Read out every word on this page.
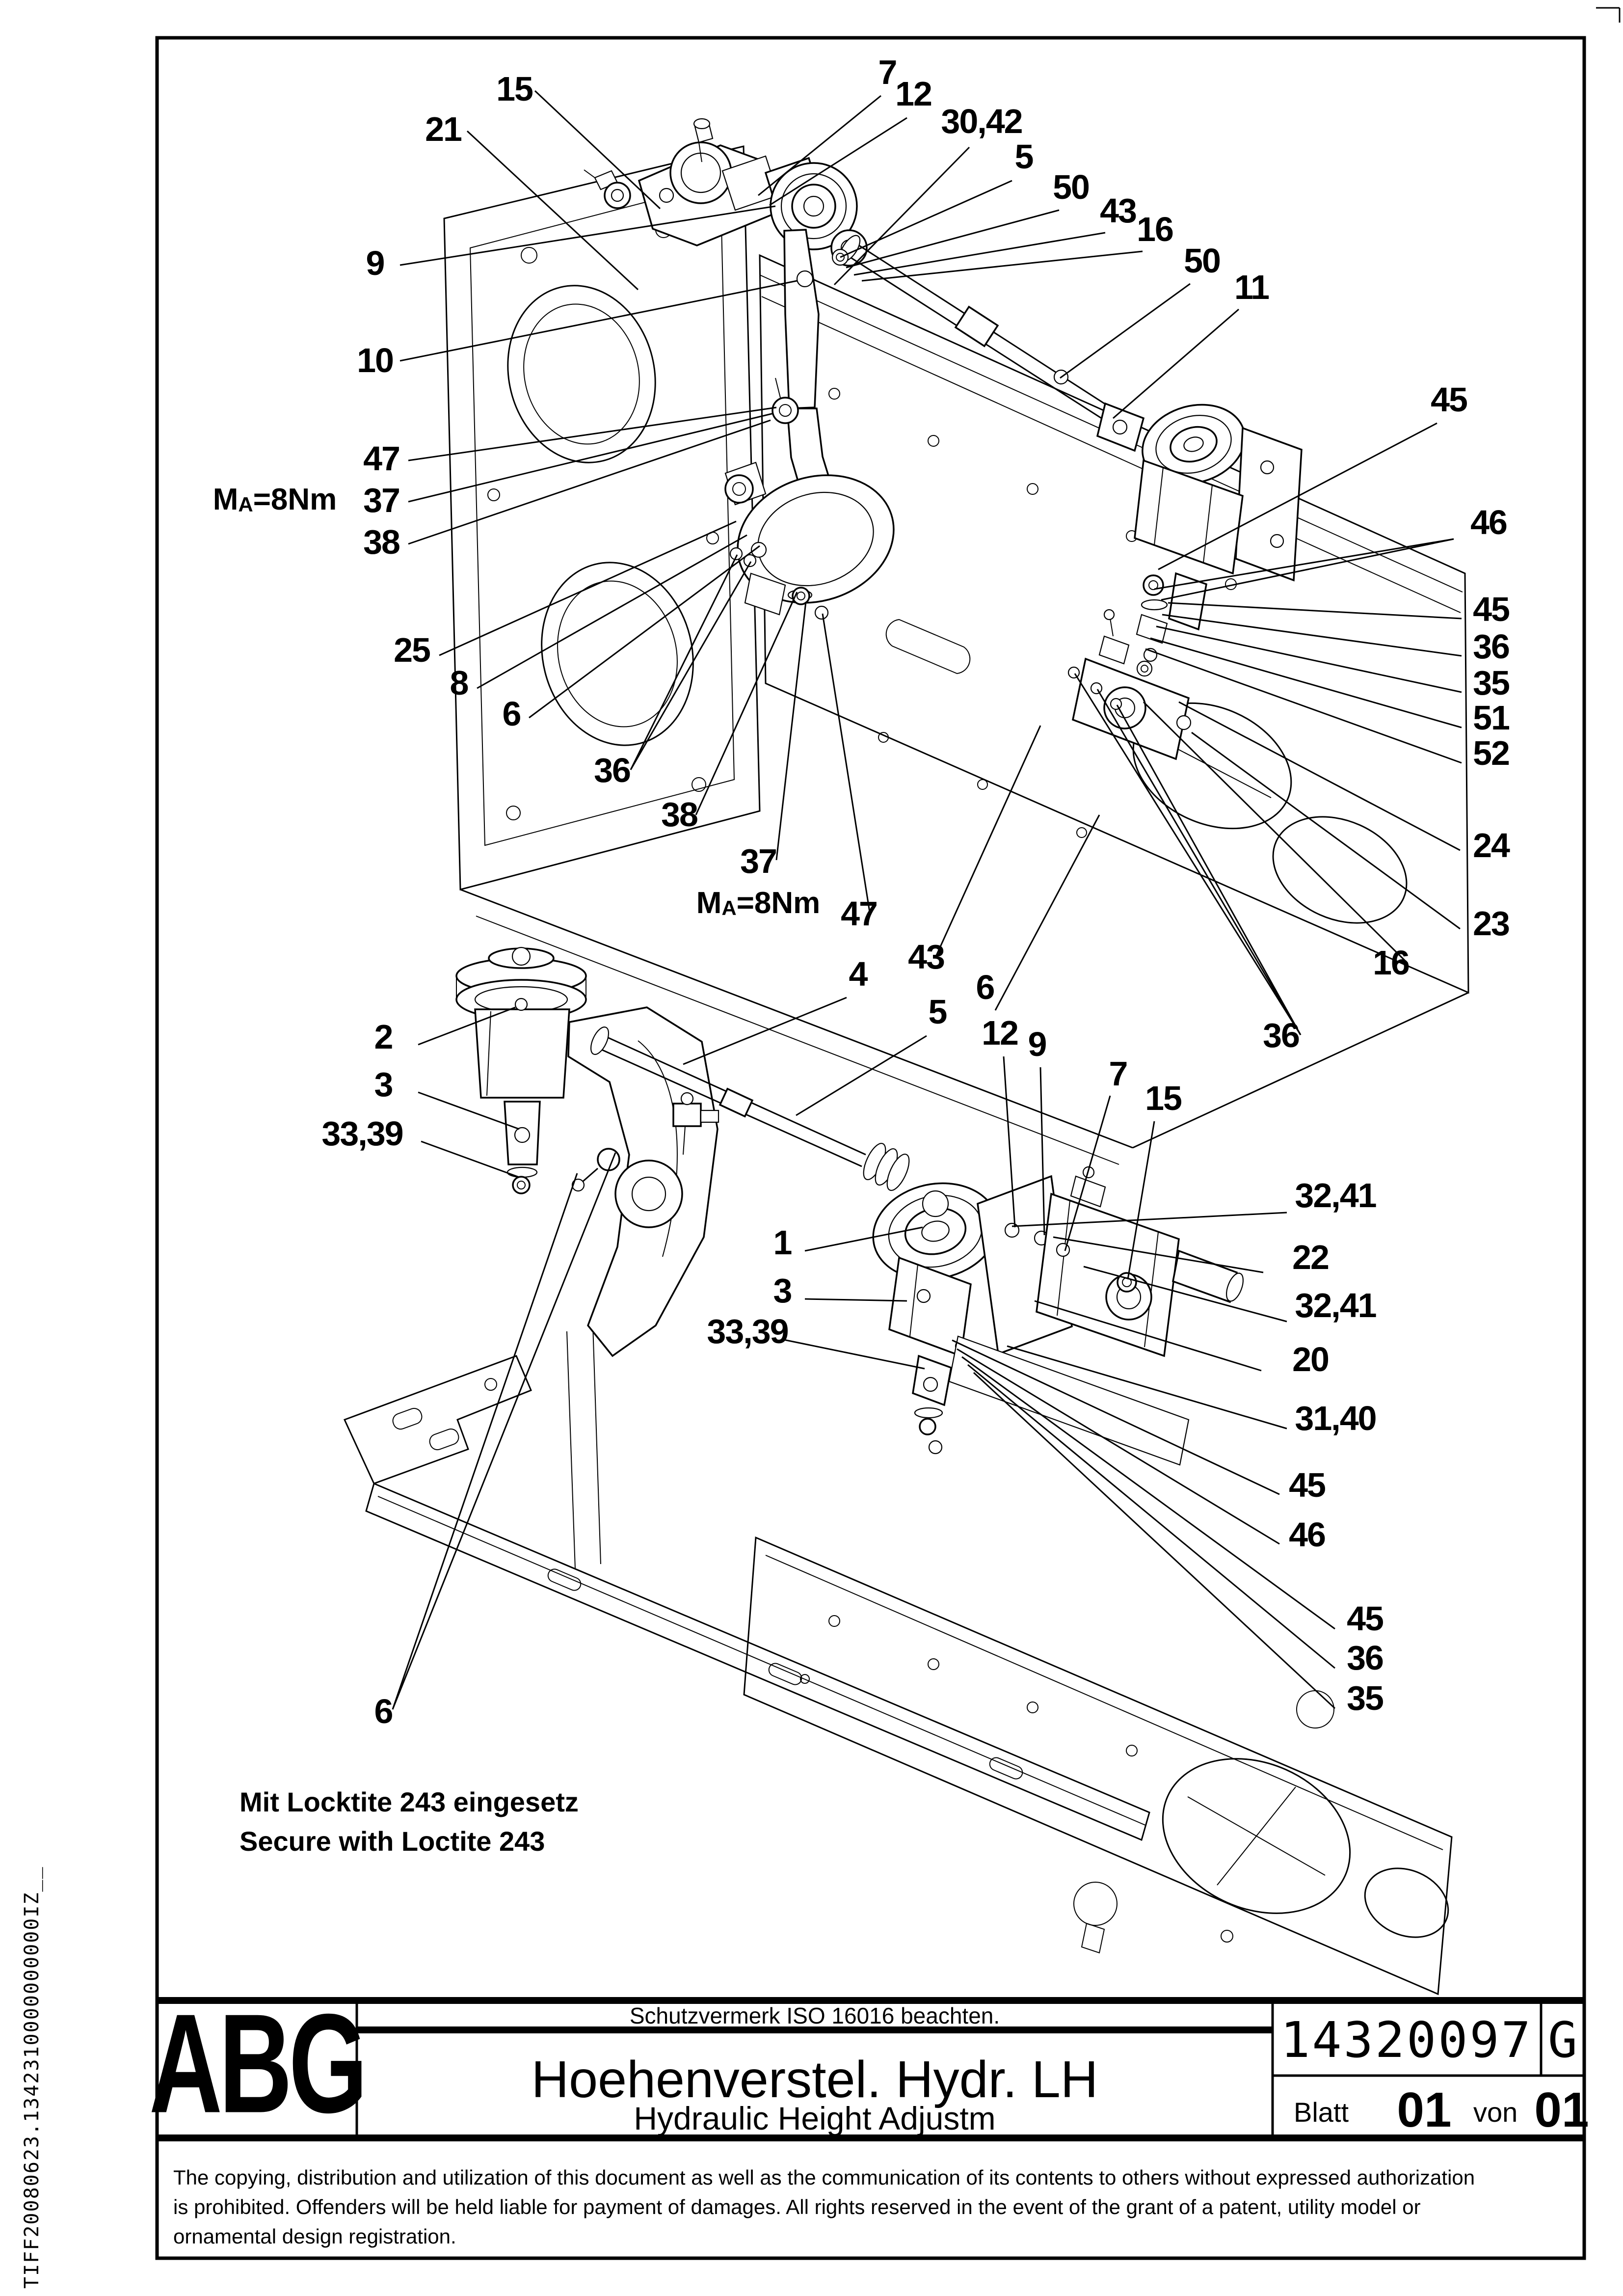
TIFF20080623.1342310000000000IZ__
15
21
9
10
47
37
38
25
8
6
36
38
37
47
43
4
5
6
12 9
7
15
7
12
30,42
5
50
43 16
50
11
45
46
45
36
35
51
52
24
23
16
36
2
3
33,39
1
3
33,39
32,41
22
32,41
20
31,40
45
46
45
36
35
6
MA=8Nm
MA=8Nm
Mit Locktite 243 eingesetz
Secure with Loctite 243
ABG	Schutzvermerk ISO 16016 beachten.
Hoehenverstel. Hydr. LH
Hydraulic Height Adjustm
14320097 G
Blatt 01 von 01
The copying, distribution and utilization of this document as well as the communication of its contents to others without expressed authorization
is prohibited. Offenders will be held liable for payment of damages. All rights reserved in the event of the grant of a patent, utility model or
ornamental design registration.
